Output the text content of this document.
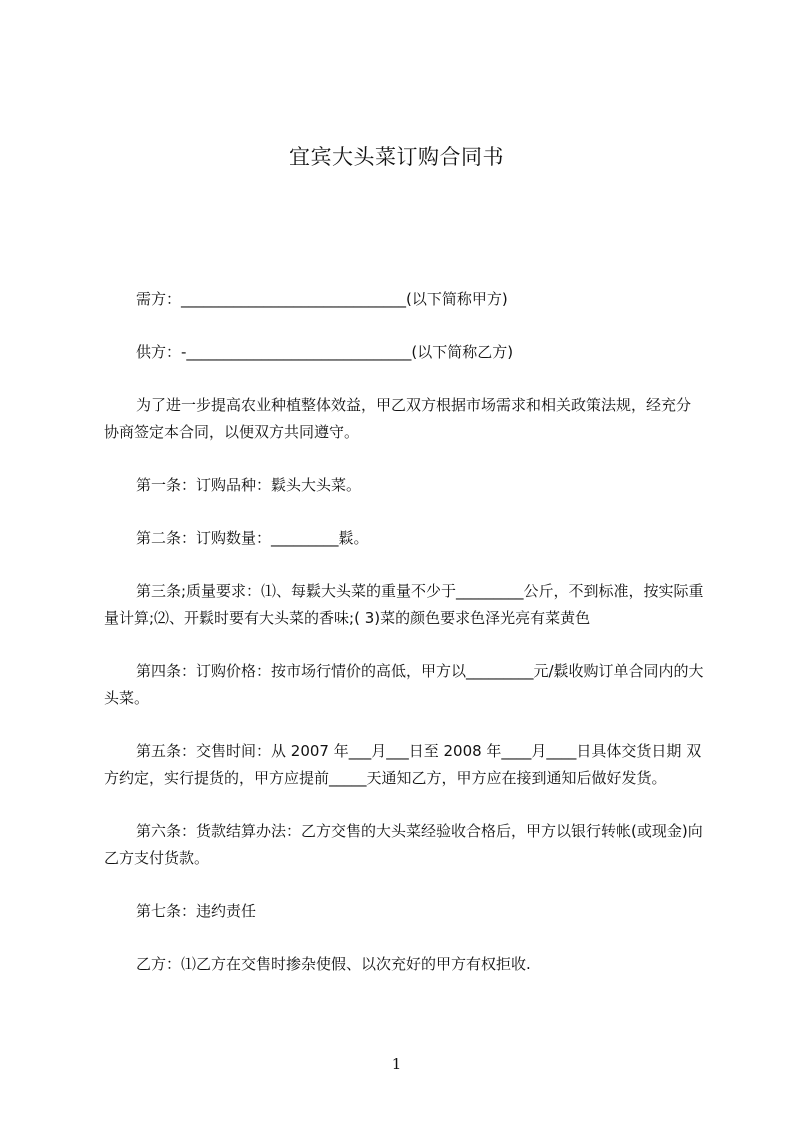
宜宾大头菜订购合同书

需方：______________________________(以下简称甲方)

供方：-______________________________(以下简称乙方)

为了进一步提高农业种植整体效益，甲乙双方根据市场需求和相关政策法规，经充分协商签定本合同，以便双方共同遵守。

第一条：订购品种：鬏头大头菜。

第二条：订购数量：_________鬏。

第三条;质量要求：⑴、每鬏大头菜的重量不少于_________公斤，不到标准，按实际重量计算;⑵、开鬏时要有大头菜的香味;( 3)菜的颜色要求色泽光亮有菜黄色

第四条：订购价格：按市场行情价的高低，甲方以_________元/鬏收购订单合同内的大头菜。

第五条：交售时间：从 2007 年___月___日至 2008 年____月____日具体交货日期 双方约定，实行提货的，甲方应提前_____天通知乙方，甲方应在接到通知后做好发货。

第六条：货款结算办法：乙方交售的大头菜经验收合格后，甲方以银行转帐(或现金)向乙方支付货款。

第七条：违约责任

乙方：⑴乙方在交售时掺杂使假、以次充好的甲方有权拒收.

1
